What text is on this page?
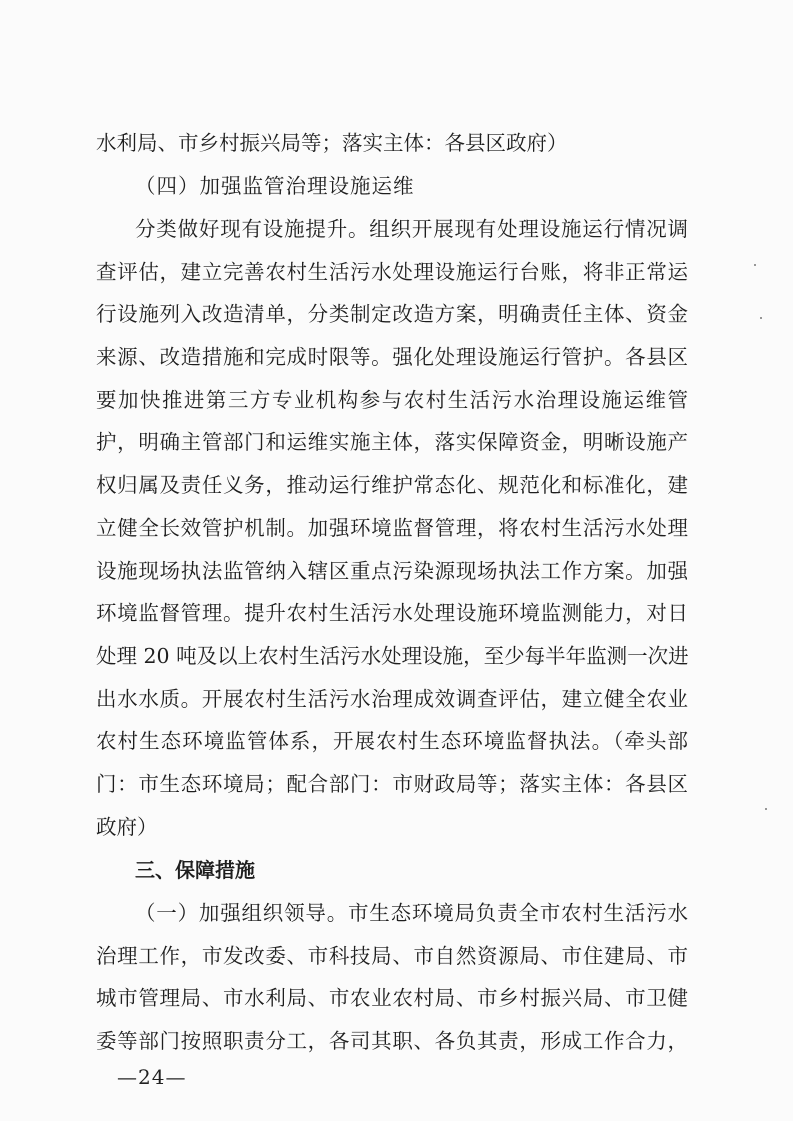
水利局、市乡村振兴局等；落实主体：各县区政府）
（四）加强监管治理设施运维
分类做好现有设施提升。组织开展现有处理设施运行情况调
查评估，建立完善农村生活污水处理设施运行台账，将非正常运
行设施列入改造清单，分类制定改造方案，明确责任主体、资金
来源、改造措施和完成时限等。强化处理设施运行管护。各县区
要加快推进第三方专业机构参与农村生活污水治理设施运维管
护，明确主管部门和运维实施主体，落实保障资金，明晰设施产
权归属及责任义务，推动运行维护常态化、规范化和标准化，建
立健全长效管护机制。加强环境监督管理，将农村生活污水处理
设施现场执法监管纳入辖区重点污染源现场执法工作方案。加强
环境监督管理。提升农村生活污水处理设施环境监测能力，对日
处理 20 吨及以上农村生活污水处理设施，至少每半年监测一次进
出水水质。开展农村生活污水治理成效调查评估，建立健全农业
农村生态环境监管体系，开展农村生态环境监督执法。（牵头部
门：市生态环境局；配合部门：市财政局等；落实主体：各县区
政府）
三、保障措施
（一）加强组织领导。市生态环境局负责全市农村生活污水
治理工作，市发改委、市科技局、市自然资源局、市住建局、市
城市管理局、市水利局、市农业农村局、市乡村振兴局、市卫健
委等部门按照职责分工，各司其职、各负其责，形成工作合力，
—24—
